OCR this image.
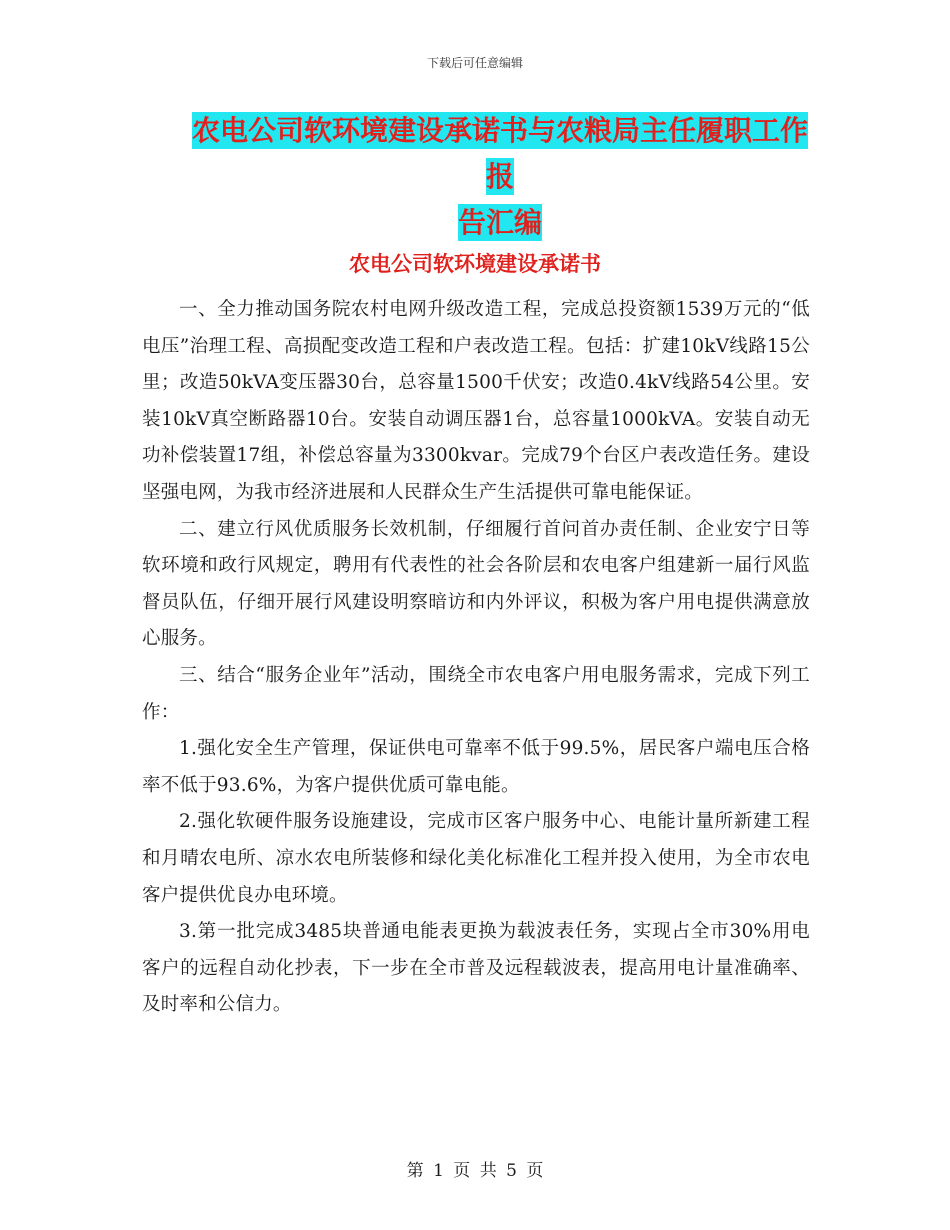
下载后可任意编辑
农电公司软环境建设承诺书与农粮局主任履职工作报
告汇编
农电公司软环境建设承诺书

一、全力推动国务院农村电网升级改造工程，完成总投资额1539万元的“低电压”治理工程、高损配变改造工程和户表改造工程。包括：扩建10kV线路15公里；改造50kVA变压器30台，总容量1500千伏安；改造0.4kV线路54公里。安装10kV真空断路器10台。安装自动调压器1台，总容量1000kVA。安装自动无功补偿装置17组，补偿总容量为3300kvar。完成79个台区户表改造任务。建设坚强电网，为我市经济进展和人民群众生产生活提供可靠电能保证。

二、建立行风优质服务长效机制，仔细履行首问首办责任制、企业安宁日等软环境和政行风规定，聘用有代表性的社会各阶层和农电客户组建新一届行风监督员队伍，仔细开展行风建设明察暗访和内外评议，积极为客户用电提供满意放心服务。

三、结合“服务企业年”活动，围绕全市农电客户用电服务需求，完成下列工作：

1.强化安全生产管理，保证供电可靠率不低于99.5%，居民客户端电压合格率不低于93.6%，为客户提供优质可靠电能。

2.强化软硬件服务设施建设，完成市区客户服务中心、电能计量所新建工程和月晴农电所、凉水农电所装修和绿化美化标准化工程并投入使用，为全市农电客户提供优良办电环境。

3.第一批完成3485块普通电能表更换为载波表任务，实现占全市30%用电客户的远程自动化抄表，下一步在全市普及远程载波表，提高用电计量准确率、及时率和公信力。

第 1 页 共 5 页
